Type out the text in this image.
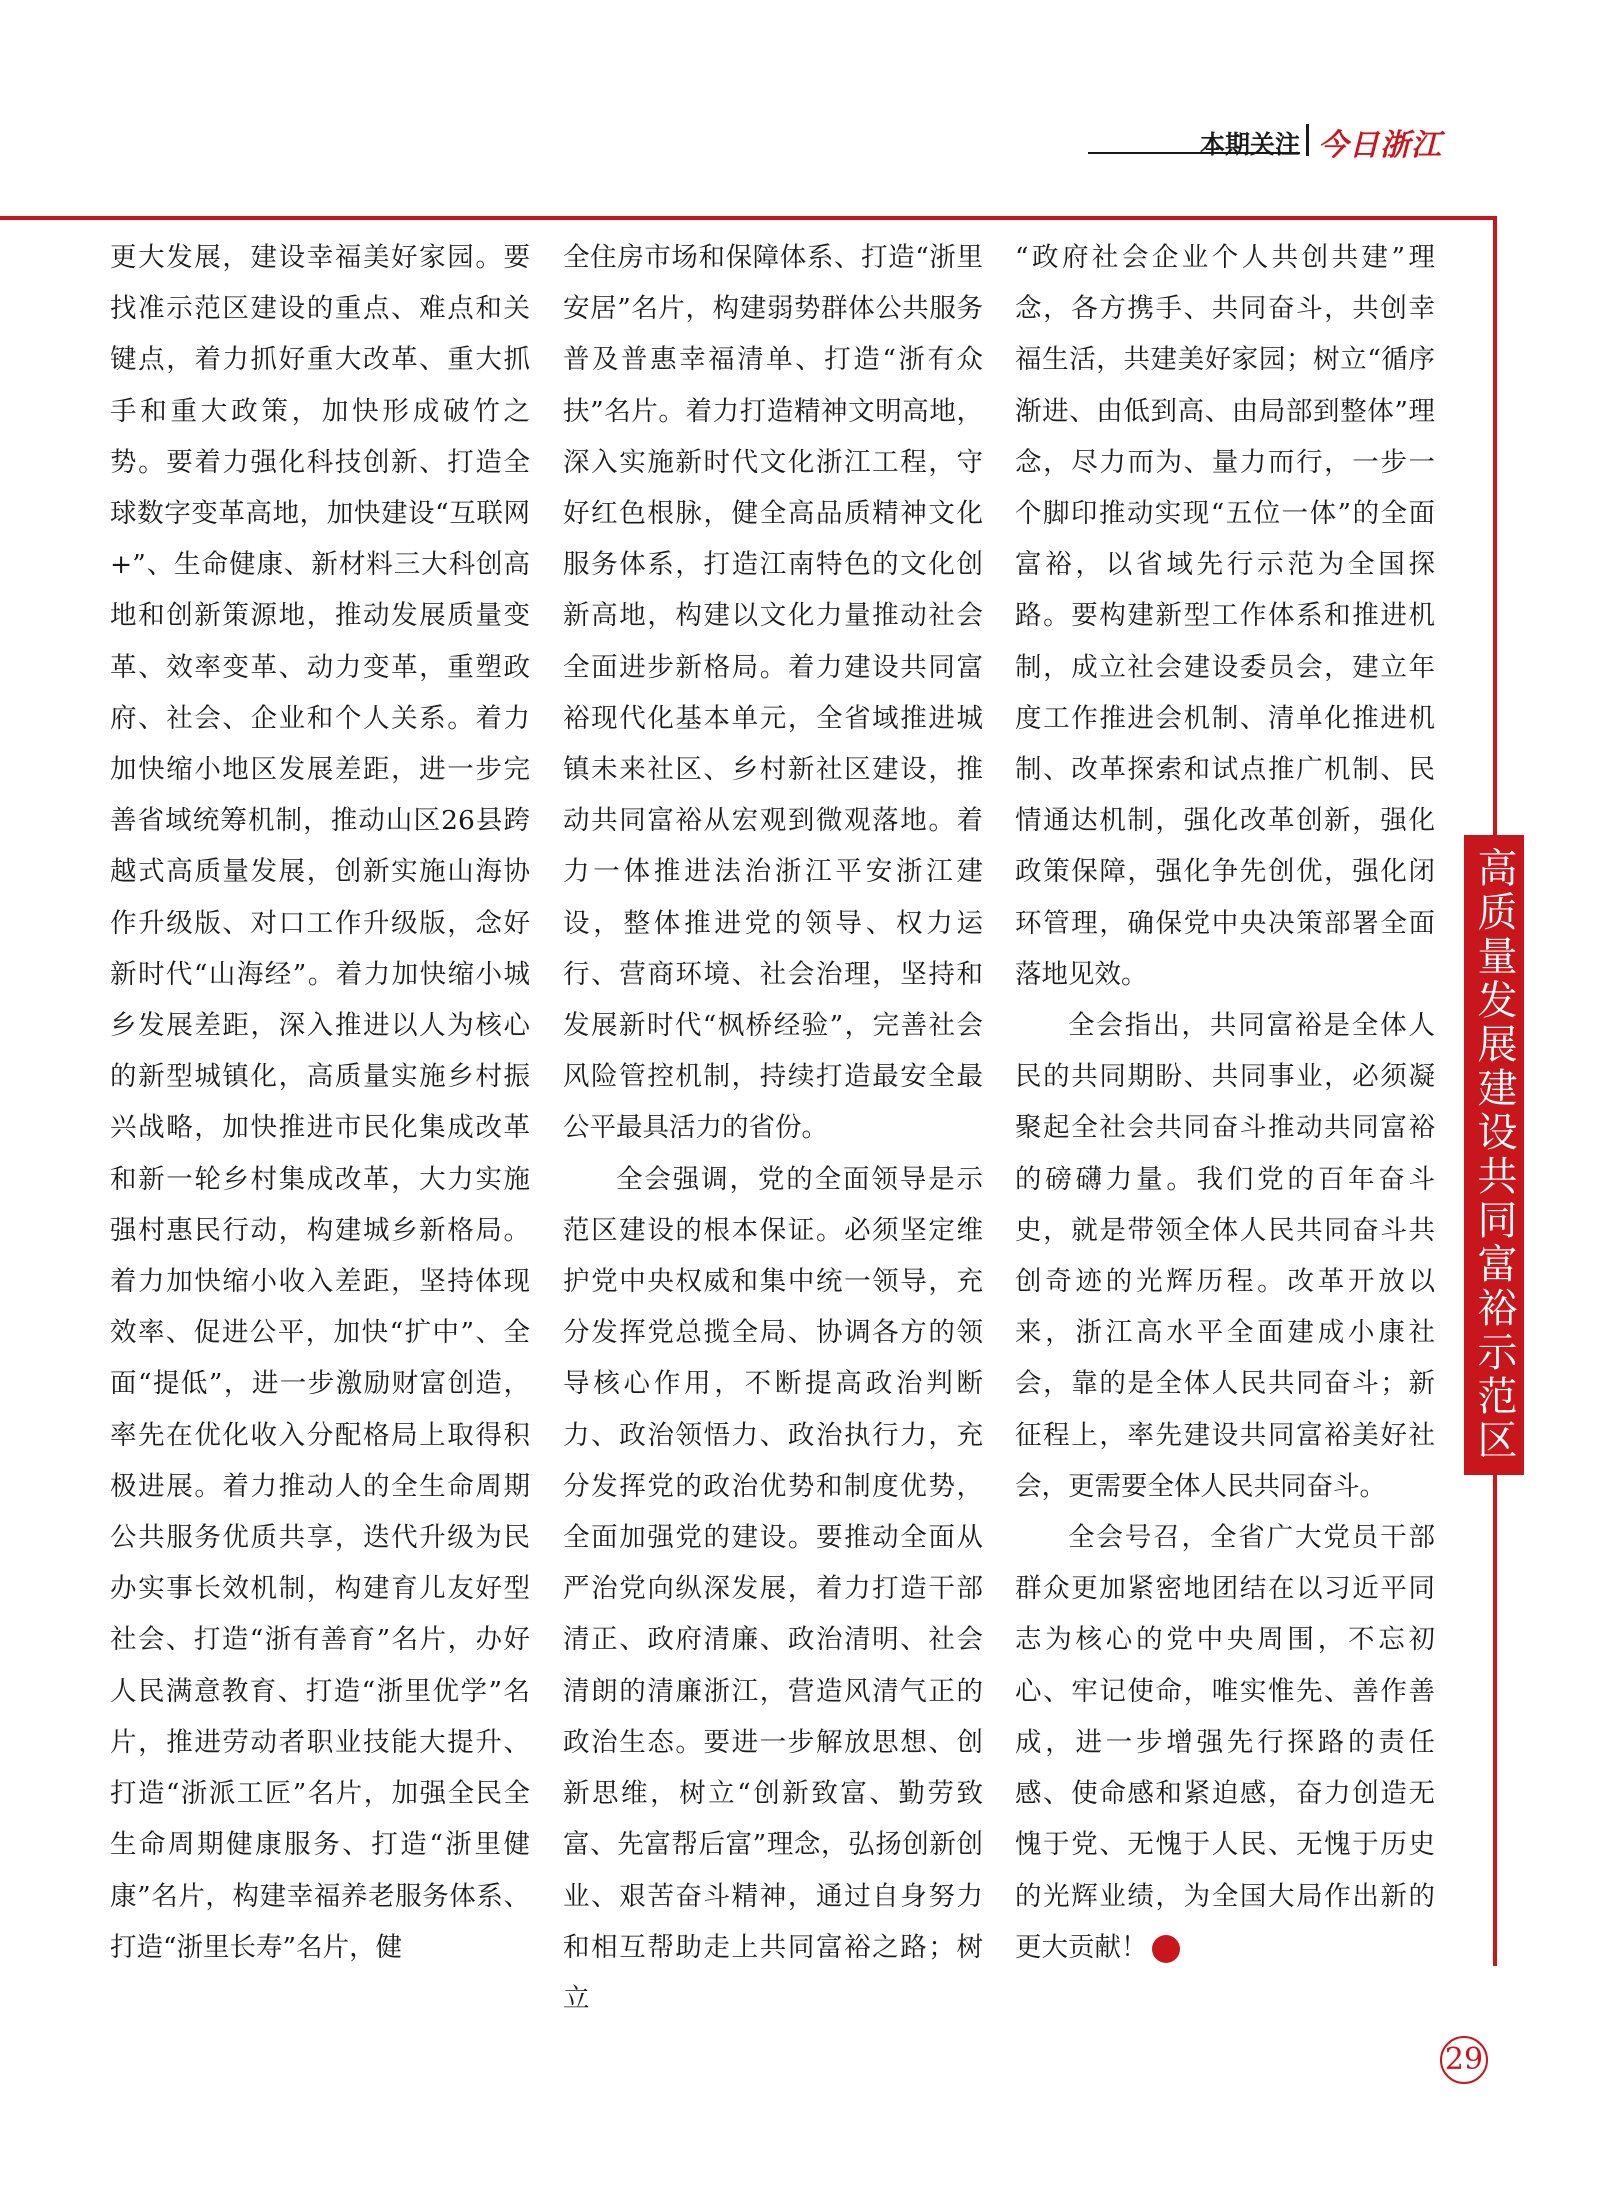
本期关注 今日浙江
高质量发展建设共同富裕示范区

更大发展，建设幸福美好家园。要找准示范区建设的重点、难点和关键点，着力抓好重大改革、重大抓手和重大政策，加快形成破竹之势。要着力强化科技创新、打造全球数字变革高地，加快建设“互联网+”、生命健康、新材料三大科创高地和创新策源地，推动发展质量变革、效率变革、动力变革，重塑政府、社会、企业和个人关系。着力加快缩小地区发展差距，进一步完善省域统筹机制，推动山区26县跨越式高质量发展，创新实施山海协作升级版、对口工作升级版，念好新时代“山海经”。着力加快缩小城乡发展差距，深入推进以人为核心的新型城镇化，高质量实施乡村振兴战略，加快推进市民化集成改革和新一轮乡村集成改革，大力实施强村惠民行动，构建城乡新格局。着力加快缩小收入差距，坚持体现效率、促进公平，加快“扩中”、全面“提低”，进一步激励财富创造，率先在优化收入分配格局上取得积极进展。着力推动人的全生命周期公共服务优质共享，迭代升级为民办实事长效机制，构建育儿友好型社会、打造“浙有善育”名片，办好人民满意教育、打造“浙里优学”名片，推进劳动者职业技能大提升、打造“浙派工匠”名片，加强全民全生命周期健康服务、打造“浙里健康”名片，构建幸福养老服务体系、打造“浙里长寿”名片，健

全住房市场和保障体系、打造“浙里安居”名片，构建弱势群体公共服务普及普惠幸福清单、打造“浙有众扶”名片。着力打造精神文明高地，深入实施新时代文化浙江工程，守好红色根脉，健全高品质精神文化服务体系，打造江南特色的文化创新高地，构建以文化力量推动社会全面进步新格局。着力建设共同富裕现代化基本单元，全省域推进城镇未来社区、乡村新社区建设，推动共同富裕从宏观到微观落地。着力一体推进法治浙江平安浙江建设，整体推进党的领导、权力运行、营商环境、社会治理，坚持和发展新时代“枫桥经验”，完善社会风险管控机制，持续打造最安全最公平最具活力的省份。

全会强调，党的全面领导是示范区建设的根本保证。必须坚定维护党中央权威和集中统一领导，充分发挥党总揽全局、协调各方的领导核心作用，不断提高政治判断力、政治领悟力、政治执行力，充分发挥党的政治优势和制度优势，全面加强党的建设。要推动全面从严治党向纵深发展，着力打造干部清正、政府清廉、政治清明、社会清朗的清廉浙江，营造风清气正的政治生态。要进一步解放思想、创新思维，树立“创新致富、勤劳致富、先富帮后富”理念，弘扬创新创业、艰苦奋斗精神，通过自身努力和相互帮助走上共同富裕之路；树立

“政府社会企业个人共创共建”理念，各方携手、共同奋斗，共创幸福生活，共建美好家园；树立“循序渐进、由低到高、由局部到整体”理念，尽力而为、量力而行，一步一个脚印推动实现“五位一体”的全面富裕，以省域先行示范为全国探路。要构建新型工作体系和推进机制，成立社会建设委员会，建立年度工作推进会机制、清单化推进机制、改革探索和试点推广机制、民情通达机制，强化改革创新，强化政策保障，强化争先创优，强化闭环管理，确保党中央决策部署全面落地见效。

全会指出，共同富裕是全体人民的共同期盼、共同事业，必须凝聚起全社会共同奋斗推动共同富裕的磅礴力量。我们党的百年奋斗史，就是带领全体人民共同奋斗共创奇迹的光辉历程。改革开放以来，浙江高水平全面建成小康社会，靠的是全体人民共同奋斗；新征程上，率先建设共同富裕美好社会，更需要全体人民共同奋斗。

全会号召，全省广大党员干部群众更加紧密地团结在以习近平同志为核心的党中央周围，不忘初心、牢记使命，唯实惟先、善作善成，进一步增强先行探路的责任感、使命感和紧迫感，奋力创造无愧于党、无愧于人民、无愧于历史的光辉业绩，为全国大局作出新的更大贡献！	今

29
